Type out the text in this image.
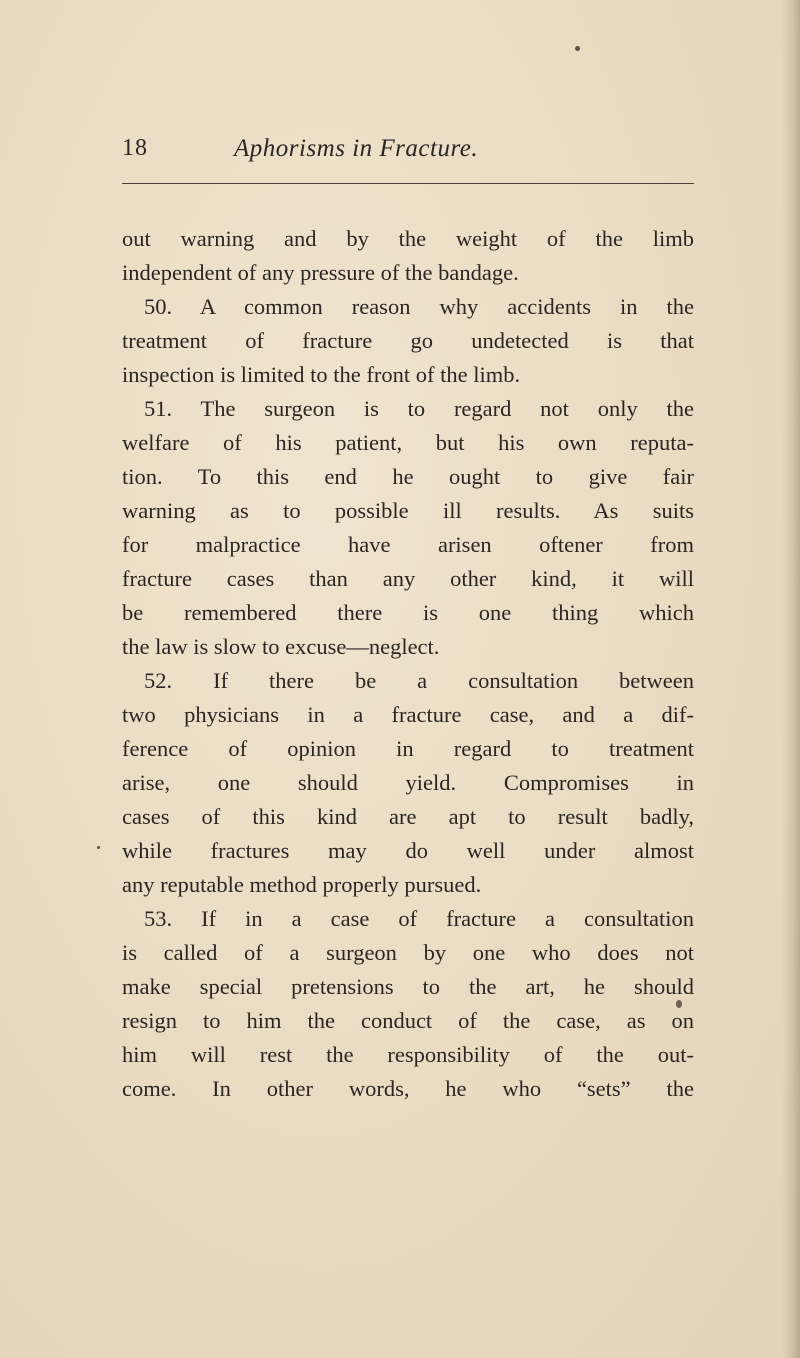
18	Aphorisms in Fracture.
out warning and by the weight of the limb
independent of any pressure of the bandage.
50. A common reason why accidents in the
treatment of fracture go undetected is that
inspection is limited to the front of the limb.
51. The surgeon is to regard not only the
welfare of his patient, but his own reputa-
tion. To this end he ought to give fair
warning as to possible ill results. As suits
for malpractice have arisen oftener from
fracture cases than any other kind, it will
be remembered there is one thing which
the law is slow to excuse—neglect.
52. If there be a consultation between
two physicians in a fracture case, and a dif-
ference of opinion in regard to treatment
arise, one should yield. Compromises in
cases of this kind are apt to result badly,
while fractures may do well under almost
any reputable method properly pursued.
53. If in a case of fracture a consultation
is called of a surgeon by one who does not
make special pretensions to the art, he should
resign to him the conduct of the case, as on
him will rest the responsibility of the out-
come. In other words, he who “sets” the
